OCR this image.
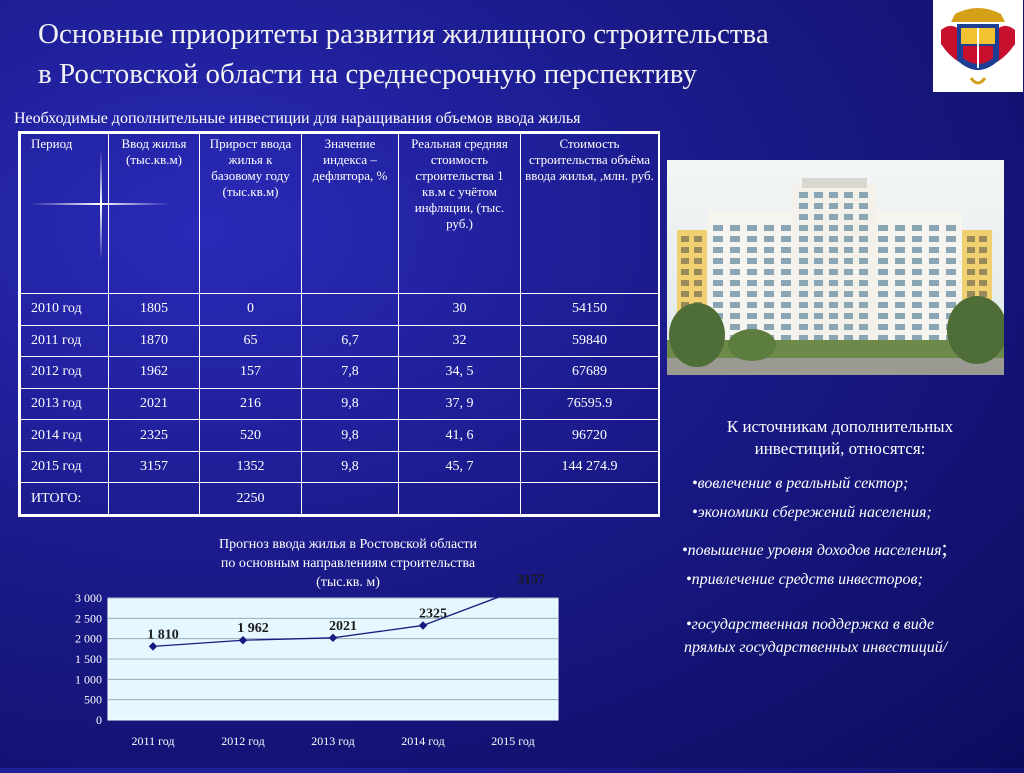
Основные приоритеты развития жилищного строительства
в Ростовской области на среднесрочную перспективу
Необходимые дополнительные инвестиции для наращивания объемов ввода жилья
Период	Ввод жилья (тыс.кв.м)	Прирост ввода жилья к базовому году (тыс.кв.м)	Значение индекса – дефлятора, %	Реальная средняя стоимость строительства 1 кв.м с учётом инфляции, (тыс. руб.)	Стоимость строительства объёма ввода жилья, ,млн. руб.
2010 год	1805	0		30	54150
2011 год	1870	65	6,7	32	59840
2012 год	1962	157	7,8	34, 5	67689
2013 год	2021	216	9,8	37, 9	76595.9
2014 год	2325	520	9,8	41, 6	96720
2015 год	3157	1352	9,8	45, 7	144 274.9
ИТОГО:		2250			
К источникам дополнительных инвестиций, относятся:
•вовлечение в реальный сектор;
•экономики сбережений населения;
•повышение уровня доходов населения;
•привлечение средств инвесторов;
•государственная поддержка в виде
прямых государственных инвестиций/
Прогноз ввода жилья в Ростовской области
по основным направлениям строительства
(тыс.кв. м)
0
500
1 000
1 500
2 000
2 500
3 000
2011 год	2012 год	2013 год	2014 год	2015 год
1 810	1 962	2021
2325
3157
